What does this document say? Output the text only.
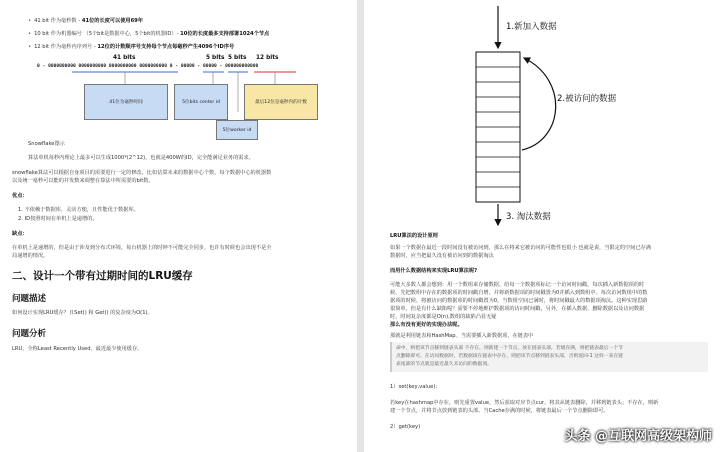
• 41 bit 作为毫秒数 - 41位的长度可以使用69年
• 10 bit 作为机器编号 （5个bit是数据中心，5个bit的机器ID）- 10位的长度最多支持部署1024个节点
• 12 bit 作为毫秒内序列号 - 12位的计数顺序号支持每个节点每毫秒产生4096个ID序号
41 bits	5 bits 5 bits 12 bits
0 - 0000000000 0000000000 0000000000 0000000000 0 - 00000 - 00000 - 000000000000
41位为毫秒时间	5位bits center id	最后12位是毫秒内的计数
5位worker id
Snowflake图示
算法单机每秒内理论上最多可以生成1000*(2^12)，也就是400W的ID，完全能满足业务的需求。
snowflake算法可以根据自身项目的需要进行一定的修改。比如估算未来的数据中心个数，每个数据中心的机器数
以及统一毫秒可以能的并发数来调整在算法中所需要的bit数。
优点：
1. 不依赖于数据库，灵活方便，且性能优于数据库。
2. ID按照时间在单机上是递增的。
缺点：
在单机上是递增的，但是由于涉及到分布式环境，每台机器上的时钟不可能完全同步，也许有时候也会出现不是全
局递增的情况。
二、设计一个带有过期时间的LRU缓存
问题描述
如何设计实现LRU缓存？且Set() 和 Get() 的复杂度为O(1)。
问题分析
LRU，全称Least Recently Used，最近最少使用缓存。
1.新加入数据
2.被访问的数据
3. 淘汰数据
LRU算法的设计原则
如果一个数据在最近一段时间没有被访问到，那么在将来它被访问的可能性也很小 也就是说，当限定的空间已存满
数据时，应当把最久没有被访问到的数据淘汰
而用什么数据结构来实现LRU算法呢?
可能大多数人都会想到：用一个数组来存储数据，给每一个数据项标记一个访问时间戳，每次插入新数据项的时
候，先把数组中存在的数据项的时间戳自增，并将新数据项的时间戳置为0并插入到数组中。每次访问数组中的数
据项的时候，将被访问的数据项的时间戳置为0。当数组空间已满时，将时间戳最大的数据项淘汰。这种实现思路
很简单，但是有什么缺陷呢？需要不停地维护数据项的访问时间戳，另外，在插入数据、删除数据以及访问数据
时，时间复杂度都是O(n),数组的缺陷凸显无疑
那么有没有更好的实现办法呢。
那就是利用链表和HashMap。当需要插入新数据项，在链表中
命中，则把该节点移到链表头部 不存在，则新建一个节点，放在链表头部，若缓存满，则把链表最后一个节
点删除即可。在访问数据时，若数据项在链表中存在，则把该节点移到链表头部，否则返回-1 这样一来在链
表尾部的节点就是最近最久未访问的数据项。
1）set(key,value):
若key在hashmap中存在，则先重置value，然后获取对应节点cur，将其从链表删除，并移到链表头；不存在，则新
建一个节点，并将节点放到链表的头部。当Cache存满的时候，将链表最后一个节点删除即可。
2）get(key)
头条 @互联网高级架构师
